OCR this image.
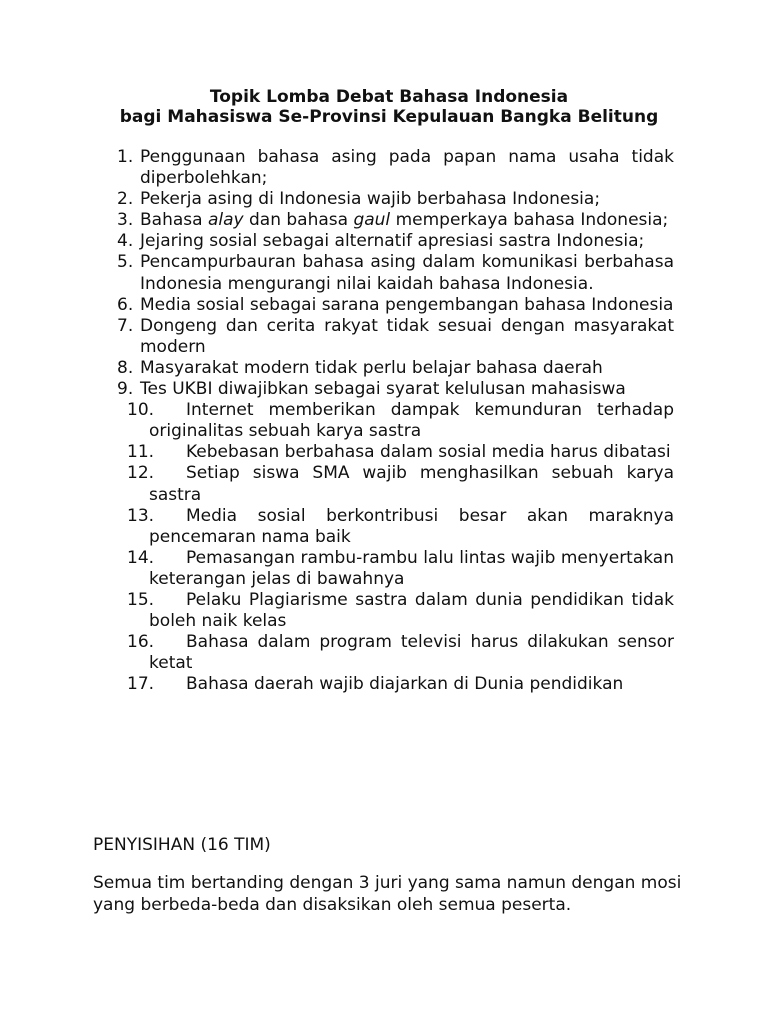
Topik Lomba Debat Bahasa Indonesia
bagi Mahasiswa Se-Provinsi Kepulauan Bangka Belitung
1. Penggunaan bahasa asing pada papan nama usaha tidak diperbolehkan;
2. Pekerja asing di Indonesia wajib berbahasa Indonesia;
3. Bahasa alay dan bahasa gaul memperkaya bahasa Indonesia;
4. Jejaring sosial sebagai alternatif apresiasi sastra Indonesia;
5. Pencampurbauran bahasa asing dalam komunikasi berbahasa Indonesia mengurangi nilai kaidah bahasa Indonesia.
6. Media sosial sebagai sarana pengembangan bahasa Indonesia
7. Dongeng dan cerita rakyat tidak sesuai dengan masyarakat modern
8. Masyarakat modern tidak perlu belajar bahasa daerah
9. Tes UKBI diwajibkan sebagai syarat kelulusan mahasiswa
10. Internet memberikan dampak kemunduran terhadap originalitas sebuah karya sastra
11. Kebebasan berbahasa dalam sosial media harus dibatasi
12. Setiap siswa SMA wajib menghasilkan sebuah karya sastra
13. Media sosial berkontribusi besar akan maraknya pencemaran nama baik
14. Pemasangan rambu-rambu lalu lintas wajib menyertakan keterangan jelas di bawahnya
15. Pelaku Plagiarisme sastra dalam dunia pendidikan tidak boleh naik kelas
16. Bahasa dalam program televisi harus dilakukan sensor ketat
17. Bahasa daerah wajib diajarkan di Dunia pendidikan
PENYISIHAN (16 TIM)
Semua tim bertanding dengan 3 juri yang sama namun dengan mosi yang berbeda-beda dan disaksikan oleh semua peserta.
